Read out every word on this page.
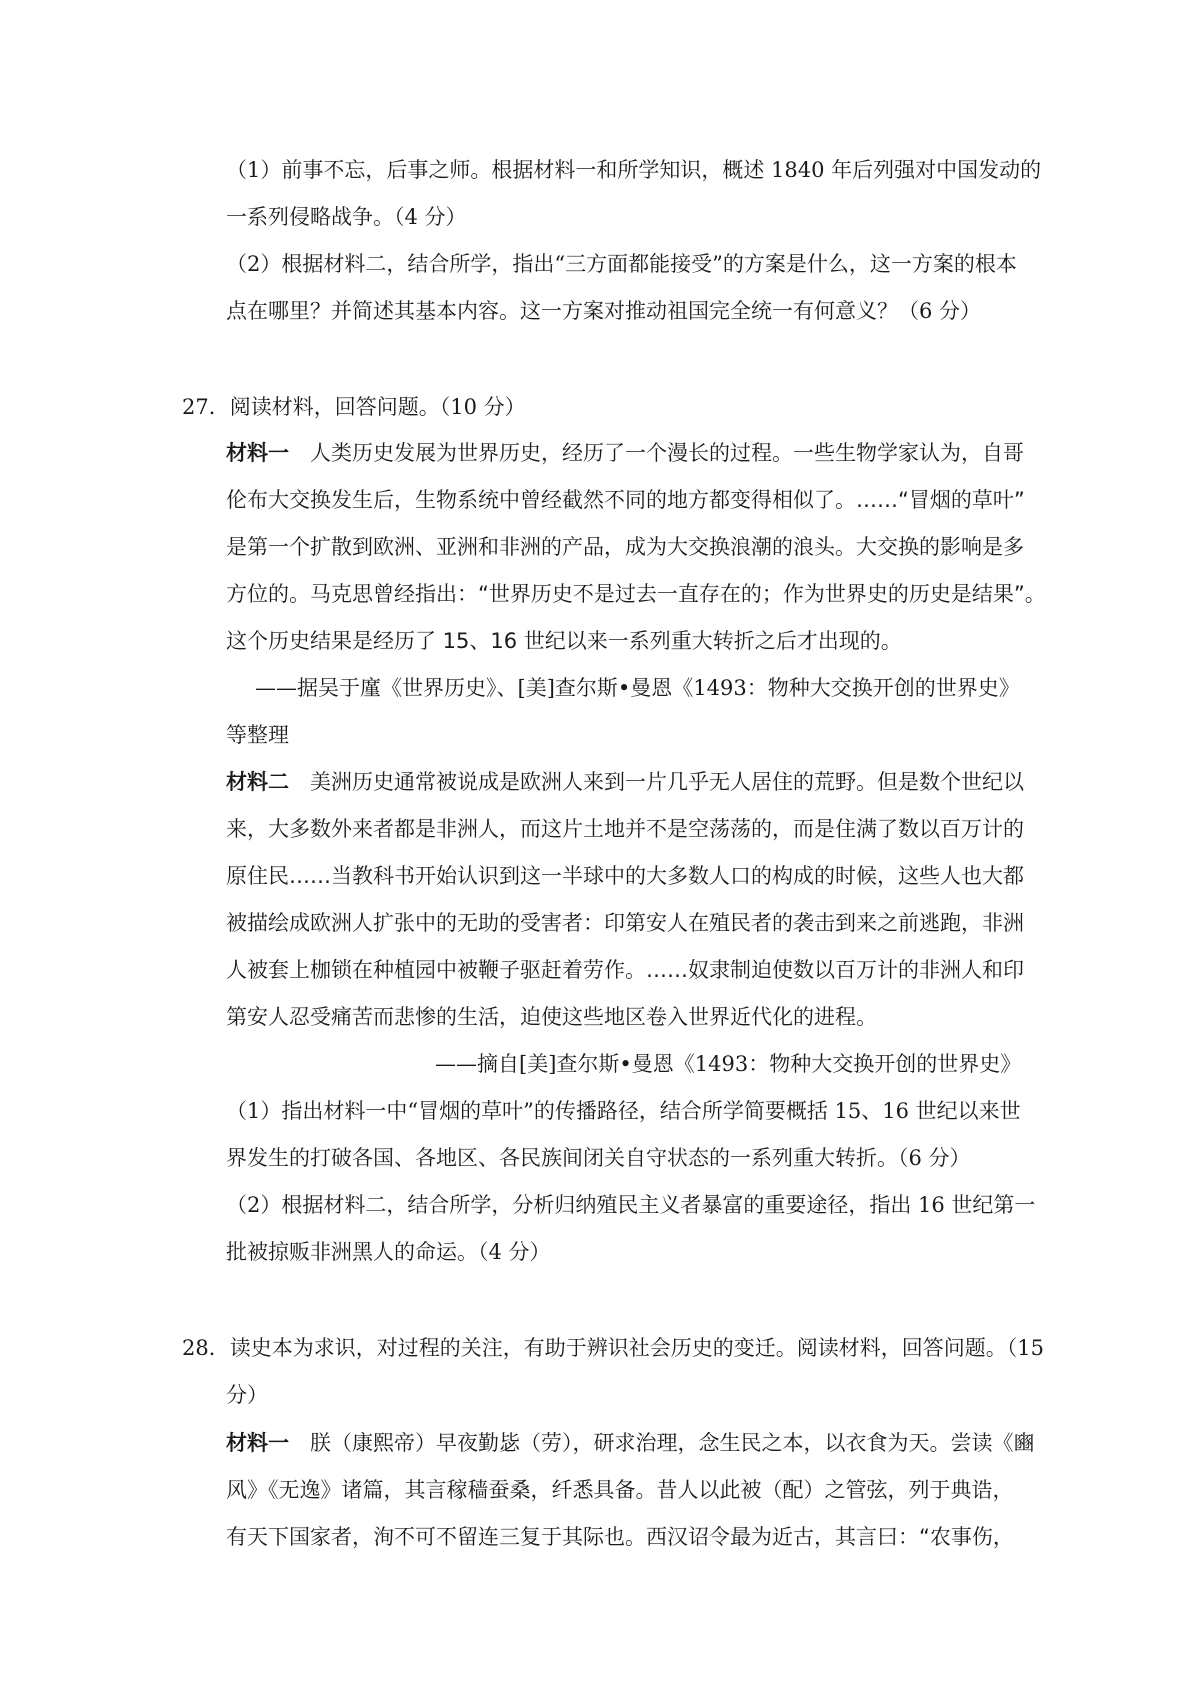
（1）前事不忘，后事之师。根据材料一和所学知识，概述 1840 年后列强对中国发动的
一系列侵略战争。（4 分）
（2）根据材料二，结合所学，指出“三方面都能接受”的方案是什么，这一方案的根本
点在哪里？并简述其基本内容。这一方案对推动祖国完全统一有何意义？（6 分）
27．阅读材料，回答问题。（10 分）
材料一　 人类历史发展为世界历史，经历了一个漫长的过程。一些生物学家认为，自哥
伦布大交换发生后，生物系统中曾经截然不同的地方都变得相似了。……“冒烟的草叶”
是第一个扩散到欧洲、亚洲和非洲的产品，成为大交换浪潮的浪头。大交换的影响是多
方位的。马克思曾经指出：“世界历史不是过去一直存在的；作为世界史的历史是结果”。
这个历史结果是经历了 15、16 世纪以来一系列重大转折之后才出现的。
——据吴于廑《世界历史》、[美]查尔斯•曼恩《1493：物种大交换开创的世界史》
等整理
材料二　 美洲历史通常被说成是欧洲人来到一片几乎无人居住的荒野。但是数个世纪以
来，大多数外来者都是非洲人，而这片土地并不是空荡荡的，而是住满了数以百万计的
原住民……当教科书开始认识到这一半球中的大多数人口的构成的时候，这些人也大都
被描绘成欧洲人扩张中的无助的受害者：印第安人在殖民者的袭击到来之前逃跑，非洲
人被套上枷锁在种植园中被鞭子驱赶着劳作。……奴隶制迫使数以百万计的非洲人和印
第安人忍受痛苦而悲惨的生活，迫使这些地区卷入世界近代化的进程。
——摘自[美]查尔斯•曼恩《1493：物种大交换开创的世界史》
（1）指出材料一中“冒烟的草叶”的传播路径，结合所学简要概括 15、16 世纪以来世
界发生的打破各国、各地区、各民族间闭关自守状态的一系列重大转折。（6 分）
（2）根据材料二，结合所学，分析归纳殖民主义者暴富的重要途径，指出 16 世纪第一
批被掠贩非洲黑人的命运。（4 分）
28．读史本为求识，对过程的关注，有助于辨识社会历史的变迁。阅读材料，回答问题。（15
分）
材料一　 朕（康熙帝）早夜勤毖（劳），研求治理，念生民之本，以衣食为天。尝读《豳
风》《无逸》诸篇，其言稼穑蚕桑，纤悉具备。昔人以此被（配）之管弦，列于典诰，
有天下国家者，洵不可不留连三复于其际也。西汉诏令最为近古，其言曰：“农事伤，
